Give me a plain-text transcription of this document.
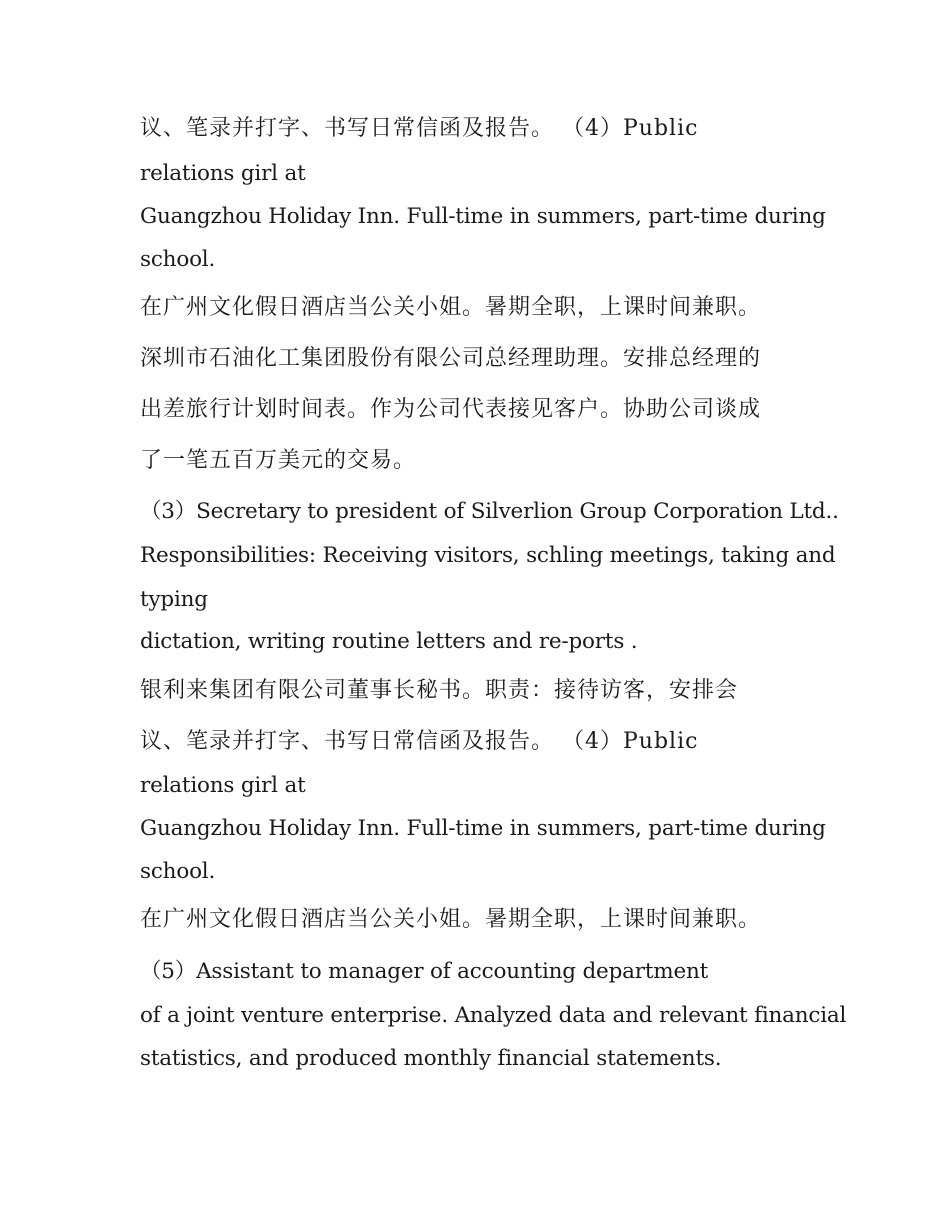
议、笔录并打字、书写日常信函及报告。 （4）Public
relations girl at
Guangzhou Holiday Inn. Full-time in summers, part-time during
school.
在广州文化假日酒店当公关小姐。暑期全职，上课时间兼职。
深圳市石油化工集团股份有限公司总经理助理。安排总经理的
出差旅行计划时间表。作为公司代表接见客户。协助公司谈成
了一笔五百万美元的交易。
（3）Secretary to president of Silverlion Group Corporation Ltd..
Responsibilities: Receiving visitors, schling meetings, taking and
typing
dictation, writing routine letters and re-ports .
银利来集团有限公司董事长秘书。职责：接待访客，安排会
议、笔录并打字、书写日常信函及报告。 （4）Public
relations girl at
Guangzhou Holiday Inn. Full-time in summers, part-time during
school.
在广州文化假日酒店当公关小姐。暑期全职，上课时间兼职。
（5）Assistant to manager of accounting department
of a joint venture enterprise. Analyzed data and relevant financial
statistics, and produced monthly financial statements.
